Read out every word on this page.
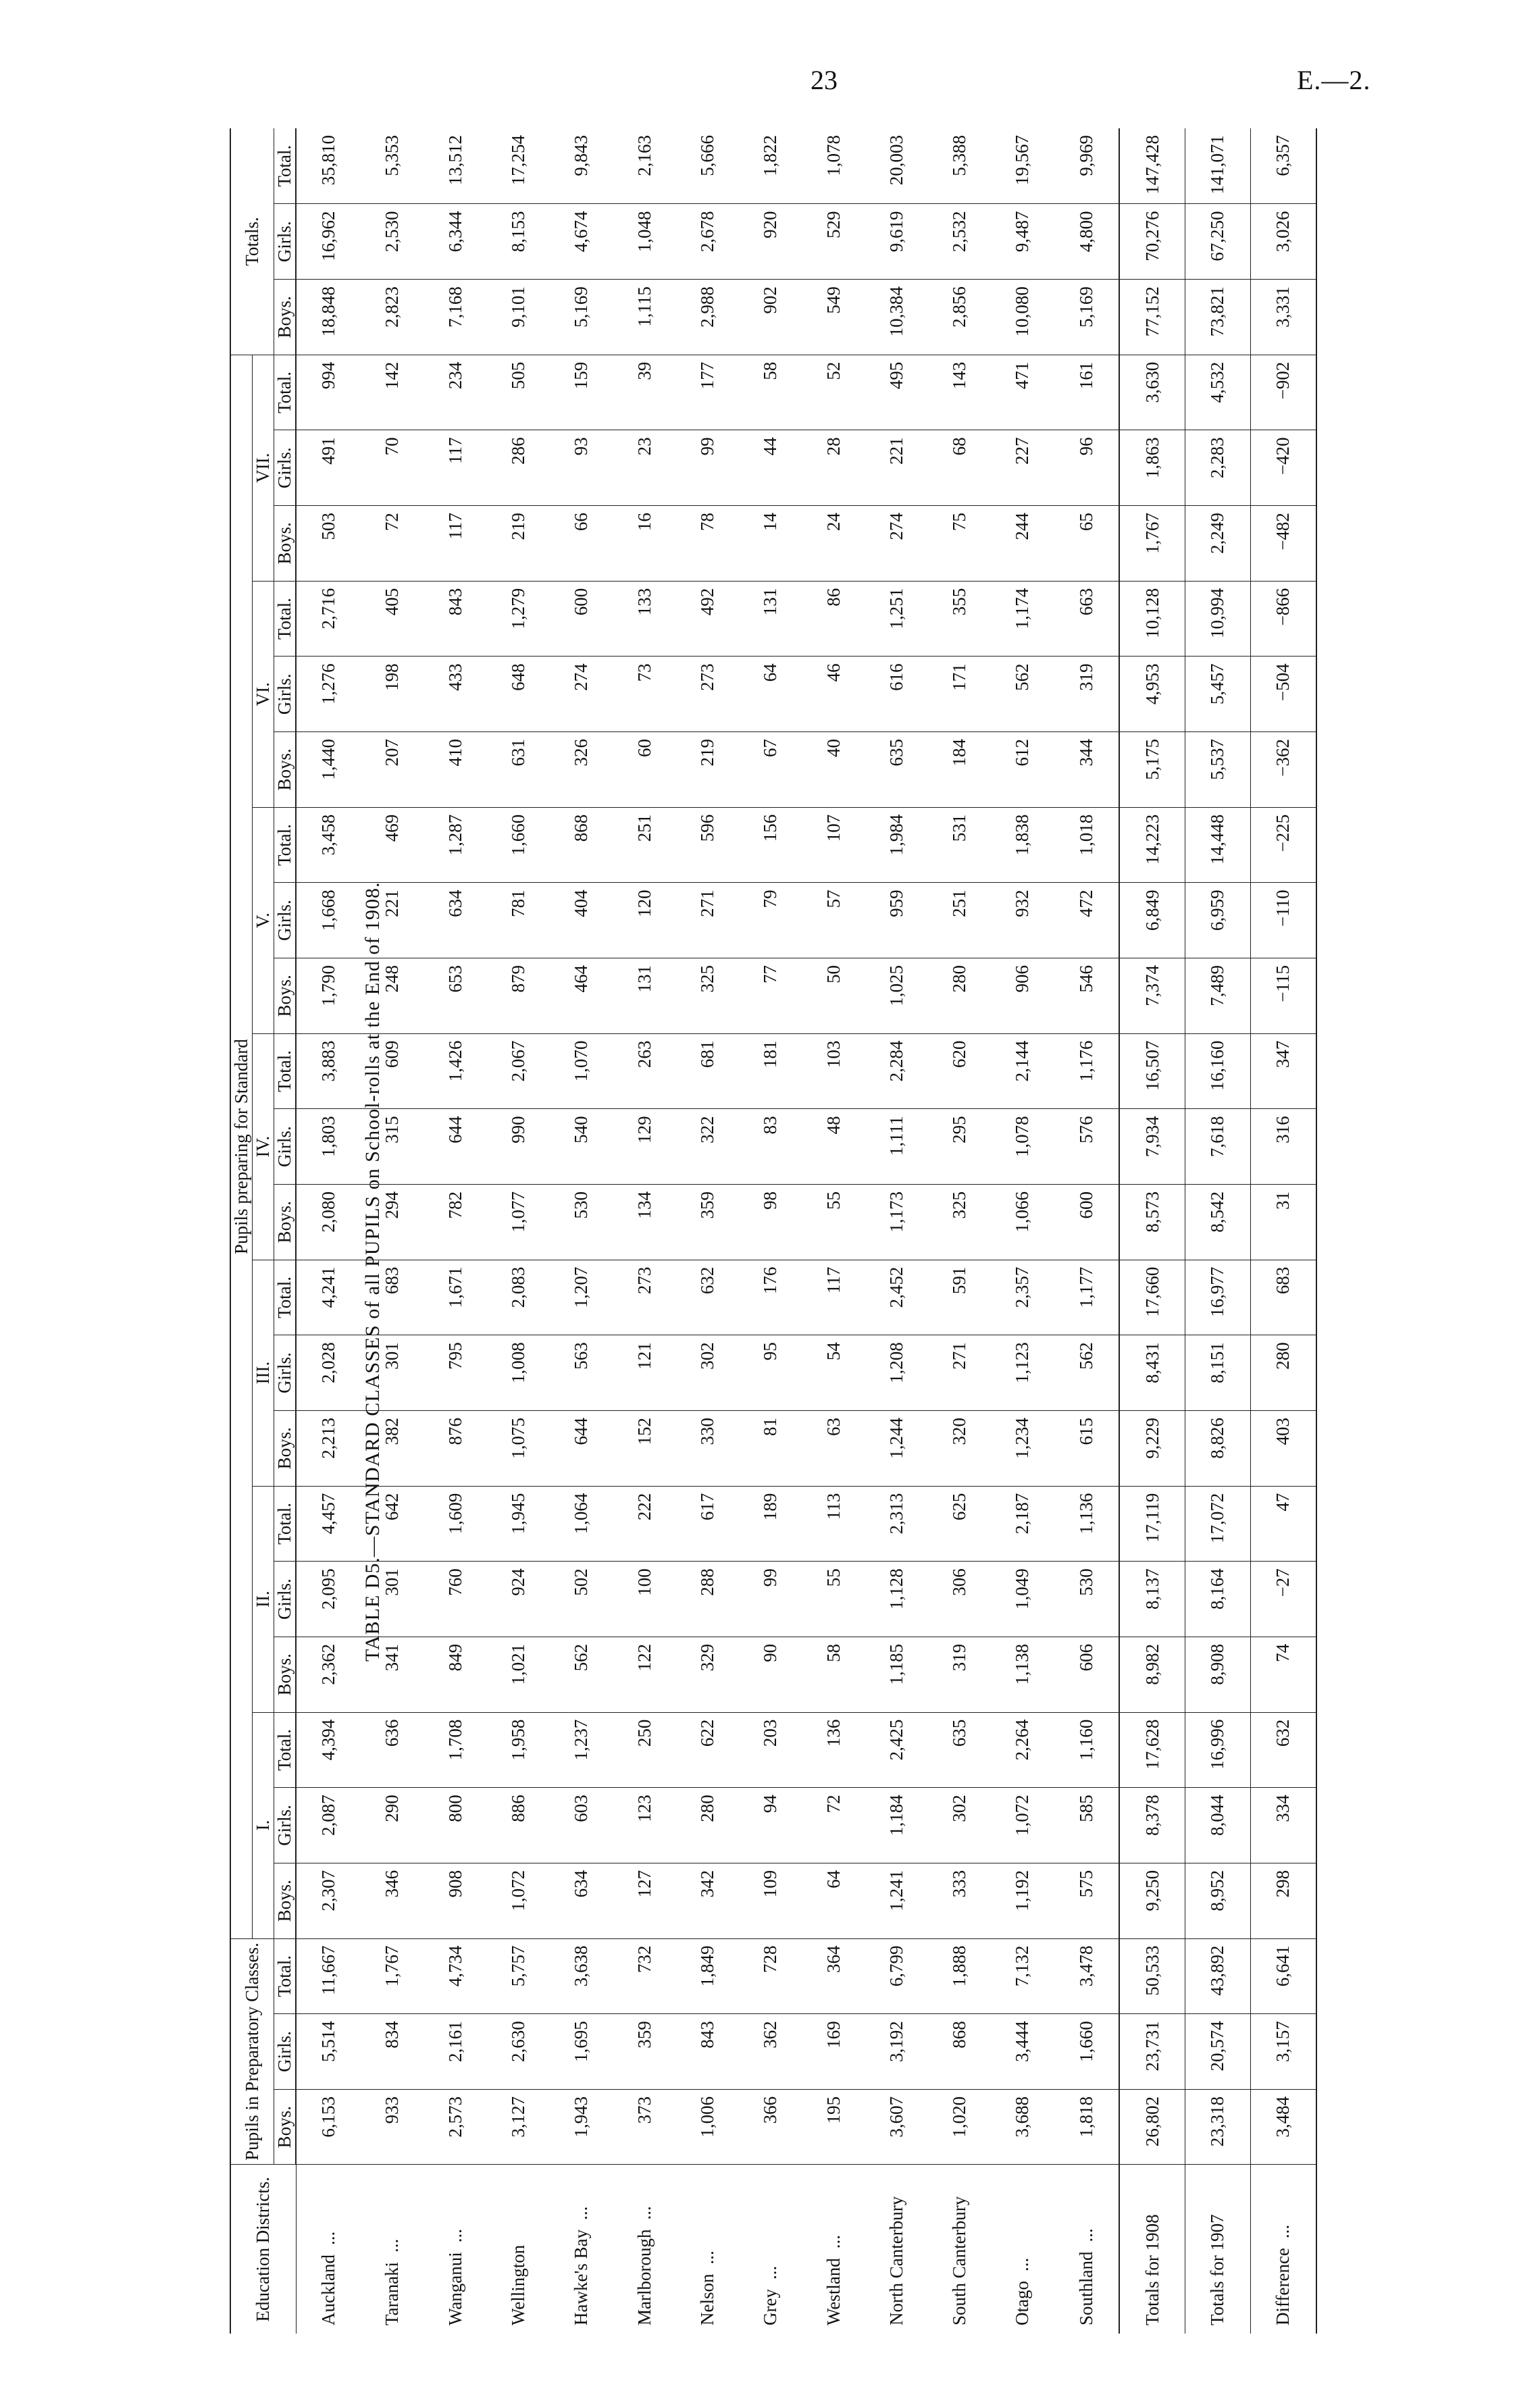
23	E.—2.
TABLE D5.—STANDARD CLASSES of all PUPILS on School-rolls at the End of 1908.
Education Districts.	Pupils in Preparatory Classes.			Pupils preparing for Standard																					Totals.		
				I.			II.			III.			IV.			V.			VI.			VII.					
	Boys.	Girls.	Total.	Boys.	Girls.	Total.	Boys.	Girls.	Total.	Boys.	Girls.	Total.	Boys.	Girls.	Total.	Boys.	Girls.	Total.	Boys.	Girls.	Total.	Boys.	Girls.	Total.	Boys.	Girls.	Total.
Auckland...	6,153	5,514	11,667	2,307	2,087	4,394	2,362	2,095	4,457	2,213	2,028	4,241	2,080	1,803	3,883	1,790	1,668	3,458	1,440	1,276	2,716	503	491	994	18,848	16,962	35,810
Taranaki...	933	834	1,767	346	290	636	341	301	642	382	301	683	294	315	609	248	221	469	207	198	405	72	70	142	2,823	2,530	5,353
Wanganui...	2,573	2,161	4,734	908	800	1,708	849	760	1,609	876	795	1,671	782	644	1,426	653	634	1,287	410	433	843	117	117	234	7,168	6,344	13,512
Wellington	3,127	2,630	5,757	1,072	886	1,958	1,021	924	1,945	1,075	1,008	2,083	1,077	990	2,067	879	781	1,660	631	648	1,279	219	286	505	9,101	8,153	17,254
Hawke's Bay...	1,943	1,695	3,638	634	603	1,237	562	502	1,064	644	563	1,207	530	540	1,070	464	404	868	326	274	600	66	93	159	5,169	4,674	9,843
Marlborough...	373	359	732	127	123	250	122	100	222	152	121	273	134	129	263	131	120	251	60	73	133	16	23	39	1,115	1,048	2,163
Nelson...	1,006	843	1,849	342	280	622	329	288	617	330	302	632	359	322	681	325	271	596	219	273	492	78	99	177	2,988	2,678	5,666
Grey...	366	362	728	109	94	203	90	99	189	81	95	176	98	83	181	77	79	156	67	64	131	14	44	58	902	920	1,822
Westland...	195	169	364	64	72	136	58	55	113	63	54	117	55	48	103	50	57	107	40	46	86	24	28	52	549	529	1,078
North Canterbury	3,607	3,192	6,799	1,241	1,184	2,425	1,185	1,128	2,313	1,244	1,208	2,452	1,173	1,111	2,284	1,025	959	1,984	635	616	1,251	274	221	495	10,384	9,619	20,003
South Canterbury	1,020	868	1,888	333	302	635	319	306	625	320	271	591	325	295	620	280	251	531	184	171	355	75	68	143	2,856	2,532	5,388
Otago...	3,688	3,444	7,132	1,192	1,072	2,264	1,138	1,049	2,187	1,234	1,123	2,357	1,066	1,078	2,144	906	932	1,838	612	562	1,174	244	227	471	10,080	9,487	19,567
Southland...	1,818	1,660	3,478	575	585	1,160	606	530	1,136	615	562	1,177	600	576	1,176	546	472	1,018	344	319	663	65	96	161	5,169	4,800	9,969
Totals for 1908	26,802	23,731	50,533	9,250	8,378	17,628	8,982	8,137	17,119	9,229	8,431	17,660	8,573	7,934	16,507	7,374	6,849	14,223	5,175	4,953	10,128	1,767	1,863	3,630	77,152	70,276	147,428
Totals for 1907	23,318	20,574	43,892	8,952	8,044	16,996	8,908	8,164	17,072	8,826	8,151	16,977	8,542	7,618	16,160	7,489	6,959	14,448	5,537	5,457	10,994	2,249	2,283	4,532	73,821	67,250	141,071
Difference...	3,484	3,157	6,641	298	334	632	74	−27	47	403	280	683	31	316	347	−115	−110	−225	−362	−504	−866	−482	−420	−902	3,331	3,026	6,357
